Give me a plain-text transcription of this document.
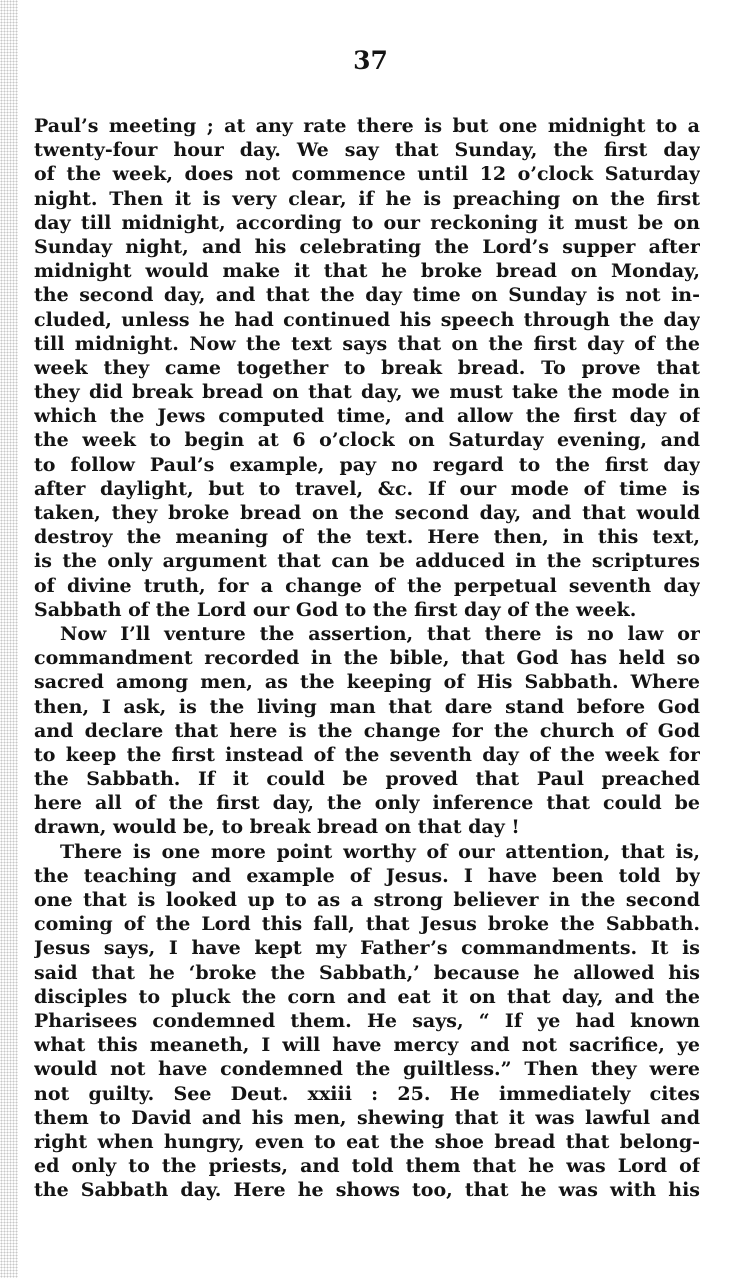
37
Paul’s meeting ; at any rate there is but one midnight to a
twenty-four hour day. We say that Sunday, the first day
of the week, does not commence until 12 o’clock Saturday
night. Then it is very clear, if he is preaching on the first
day till midnight, according to our reckoning it must be on
Sunday night, and his celebrating the Lord’s supper after
midnight would make it that he broke bread on Monday,
the second day, and that the day time on Sunday is not in-
cluded, unless he had continued his speech through the day
till midnight. Now the text says that on the first day of the
week they came together to break bread. To prove that
they did break bread on that day, we must take the mode in
which the Jews computed time, and allow the first day of
the week to begin at 6 o’clock on Saturday evening, and
to follow Paul’s example, pay no regard to the first day
after daylight, but to travel, &c. If our mode of time is
taken, they broke bread on the second day, and that would
destroy the meaning of the text. Here then, in this text,
is the only argument that can be adduced in the scriptures
of divine truth, for a change of the perpetual seventh day
Sabbath of the Lord our God to the first day of the week.
Now I’ll venture the assertion, that there is no law or
commandment recorded in the bible, that God has held so
sacred among men, as the keeping of His Sabbath. Where
then, I ask, is the living man that dare stand before God
and declare that here is the change for the church of God
to keep the first instead of the seventh day of the week for
the Sabbath. If it could be proved that Paul preached
here all of the first day, the only inference that could be
drawn, would be, to break bread on that day !
There is one more point worthy of our attention, that is,
the teaching and example of Jesus. I have been told by
one that is looked up to as a strong believer in the second
coming of the Lord this fall, that Jesus broke the Sabbath.
Jesus says, I have kept my Father’s commandments. It is
said that he ‘broke the Sabbath,’ because he allowed his
disciples to pluck the corn and eat it on that day, and the
Pharisees condemned them. He says, “ If ye had known
what this meaneth, I will have mercy and not sacrifice, ye
would not have condemned the guiltless.” Then they were
not guilty. See Deut. xxiii : 25. He immediately cites
them to David and his men, shewing that it was lawful and
right when hungry, even to eat the shoe bread that belong-
ed only to the priests, and told them that he was Lord of
the Sabbath day. Here he shows too, that he was with his
